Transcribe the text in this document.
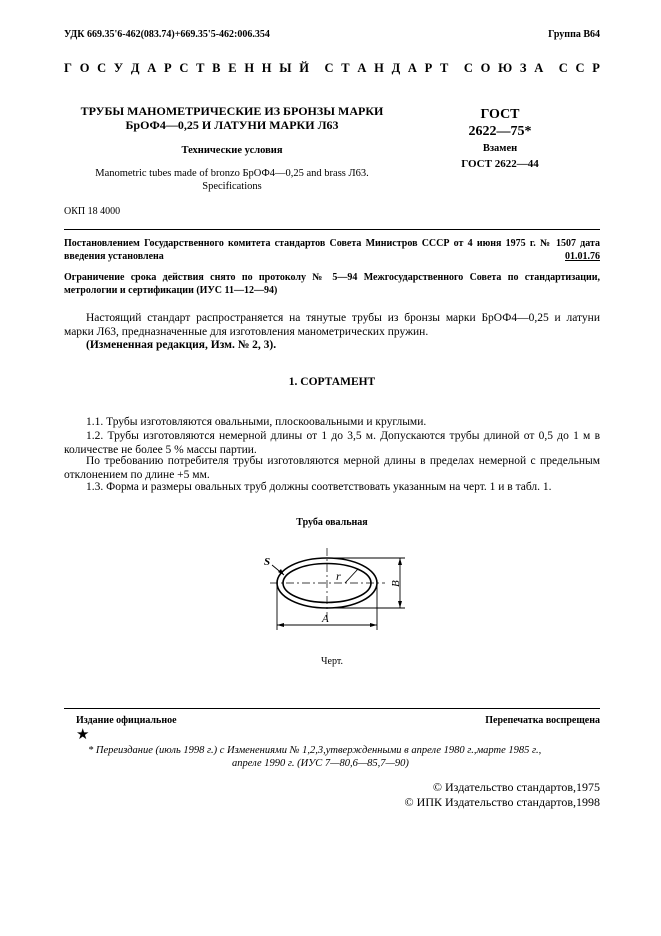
УДК 669.35'6-462(083.74)+669.35'5-462:006.354	Группа В64
Г О С У Д А Р С Т В Е Н Н Ы Й С Т А Н Д А Р Т С О Ю З А С С Р
ТРУБЫ МАНОМЕТРИЧЕСКИЕ ИЗ БРОНЗЫ МАРКИ
БрОФ4—0,25 И ЛАТУНИ МАРКИ Л63
Технические условия
Manometric tubes made of bronzo БрОФ4—0,25 and brass Л63.
Specifications
ГОСТ
2622—75*
Взамен
ГОСТ 2622—44
ОКП 18 4000
Постановлением Государственного комитета стандартов Совета Министров СССР от 4 июня 1975 г. № 1507 дата введения установлена	01.01.76
Ограничение срока действия снято по протоколу № 5—94 Межгосударственного Совета по стандартизации, метрологии и сертификации (ИУС 11—12—94)
Настоящий стандарт распространяется на тянутые трубы из бронзы марки БрОФ4—0,25 и латуни марки Л63, предназначенные для изготовления манометрических пружин.
(Измененная редакция, Изм. № 2, 3).
1. СОРТАМЕНТ
1.1. Трубы изготовляются овальными, плоскоовальными и круглыми.
1.2. Трубы изготовляются немерной длины от 1 до 3,5 м. Допускаются трубы длиной от 0,5 до 1 м в количестве не более 5 % массы партии.
По требованию потребителя трубы изготовляются мерной длины в пределах немерной с предельным отклонением по длине +5 мм.
1.3. Форма и размеры овальных труб должны соответствовать указанным на черт. 1 и в табл. 1.
Труба овальная
S
r
A
B
Черт.
Издание официальное	Перепечатка воспрещена
★
* Переиздание (июль 1998 г.) с Изменениями № 1,2,3,утвержденными в апреле 1980 г.,марте 1985 г.,
апреле 1990 г. (ИУС 7—80,6—85,7—90)
© Издательство стандартов,1975
© ИПК Издательство стандартов,1998
